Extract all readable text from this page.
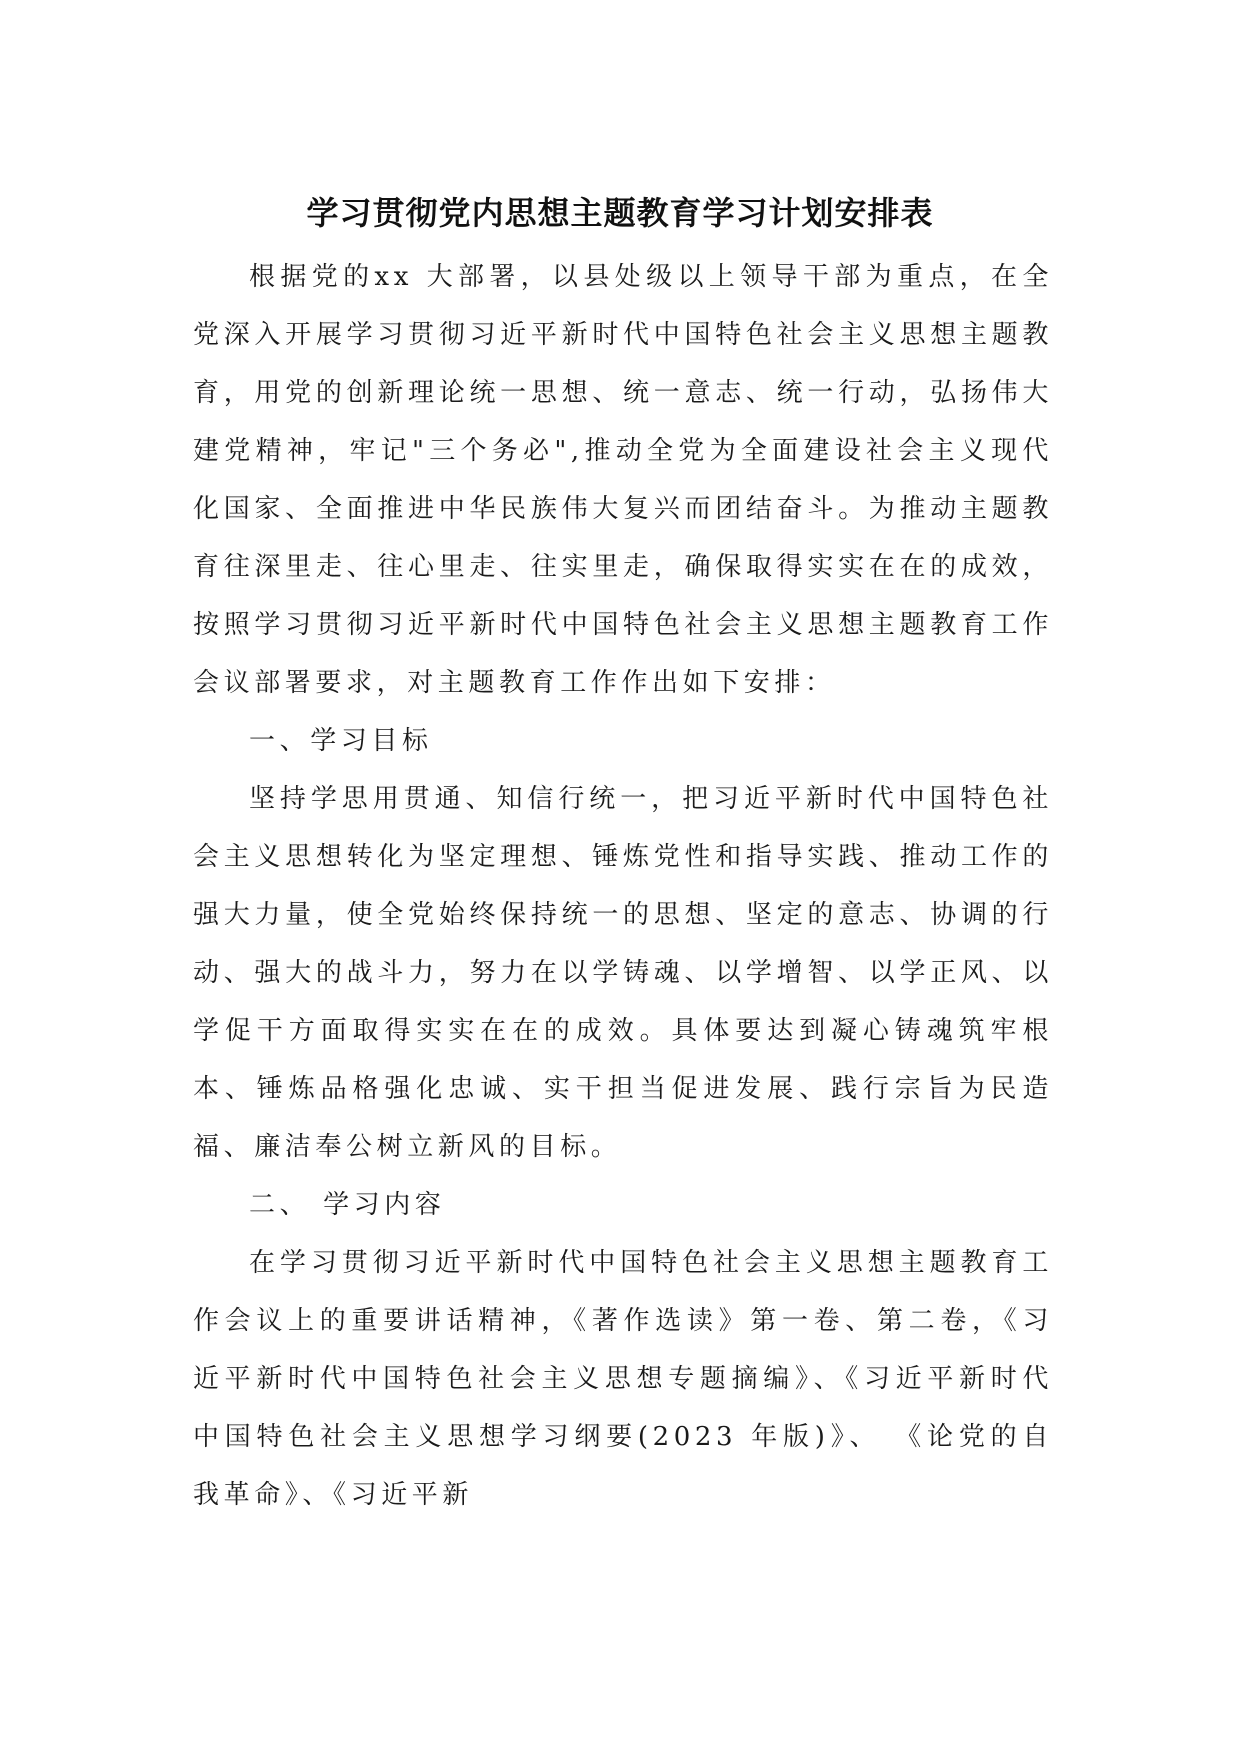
学习贯彻党内思想主题教育学习计划安排表

根据党的xx 大部署，以县处级以上领导干部为重点，在全党深入开展学习贯彻习近平新时代中国特色社会主义思想主题教育，用党的创新理论统一思想、统一意志、统一行动，弘扬伟大建党精神，牢记"三个务必",推动全党为全面建设社会主义现代化国家、全面推进中华民族伟大复兴而团结奋斗。为推动主题教育往深里走、往心里走、往实里走，确保取得实实在在的成效，按照学习贯彻习近平新时代中国特色社会主义思想主题教育工作会议部署要求，对主题教育工作作出如下安排：

一、学习目标

坚持学思用贯通、知信行统一，把习近平新时代中国特色社会主义思想转化为坚定理想、锤炼党性和指导实践、推动工作的强大力量，使全党始终保持统一的思想、坚定的意志、协调的行动、强大的战斗力，努力在以学铸魂、以学增智、以学正风、以学促干方面取得实实在在的成效。具体要达到凝心铸魂筑牢根本、锤炼品格强化忠诚、实干担当促进发展、践行宗旨为民造福、廉洁奉公树立新风的目标。

二、 学习内容

在学习贯彻习近平新时代中国特色社会主义思想主题教育工作会议上的重要讲话精神，《著作选读》第一卷、第二卷，《习近平新时代中国特色社会主义思想专题摘编》、《习近平新时代中国特色社会主义思想学习纲要(2023 年版)》、 《论党的自我革命》、《习近平新
